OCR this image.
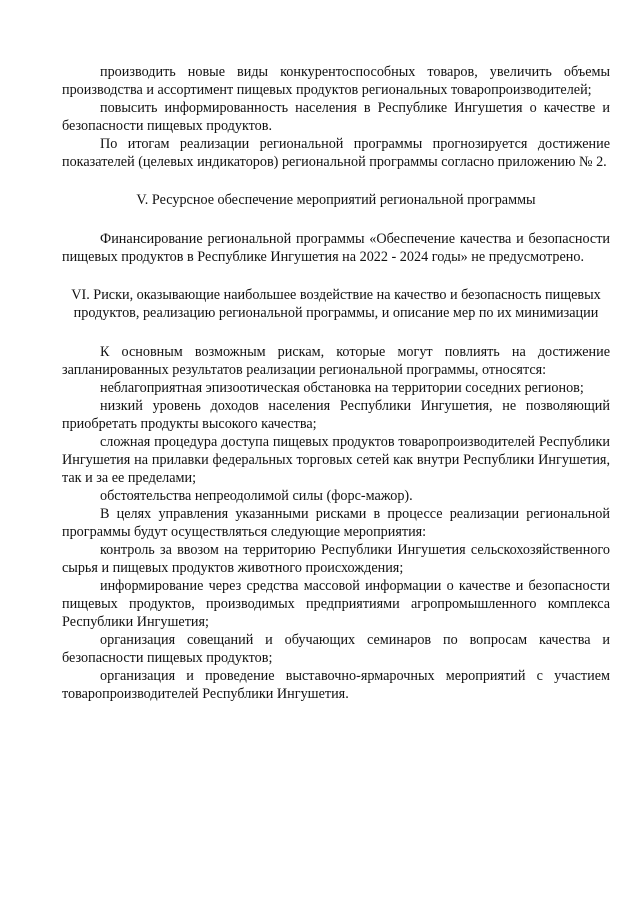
производить новые виды конкурентоспособных товаров, увеличить объемы производства и ассортимент пищевых продуктов региональных товаропроизводителей;

повысить информированность населения в Республике Ингушетия о качестве и безопасности пищевых продуктов.

По итогам реализации региональной программы прогнозируется достижение показателей (целевых индикаторов) региональной программы согласно приложению № 2.

V. Ресурсное обеспечение мероприятий региональной программы

Финансирование региональной программы «Обеспечение качества и безопасности пищевых продуктов в Республике Ингушетия на 2022 - 2024 годы» не предусмотрено.

VI. Риски, оказывающие наибольшее воздействие на качество и безопасность пищевых продуктов, реализацию региональной программы, и описание мер по их минимизации

К основным возможным рискам, которые могут повлиять на достижение запланированных результатов реализации региональной программы, относятся:

неблагоприятная эпизоотическая обстановка на территории соседних регионов;

низкий уровень доходов населения Республики Ингушетия, не позволяющий приобретать продукты высокого качества;

сложная процедура доступа пищевых продуктов товаропроизводителей Республики Ингушетия на прилавки федеральных торговых сетей как внутри Республики Ингушетия, так и за ее пределами;

обстоятельства непреодолимой силы (форс-мажор).

В целях управления указанными рисками в процессе реализации региональной программы будут осуществляться следующие мероприятия:

контроль за ввозом на территорию Республики Ингушетия сельскохозяйственного сырья и пищевых продуктов животного происхождения;

информирование через средства массовой информации о качестве и безопасности пищевых продуктов, производимых предприятиями агропромышленного комплекса Республики Ингушетия;

организация совещаний и обучающих семинаров по вопросам качества и безопасности пищевых продуктов;

организация и проведение выставочно-ярмарочных мероприятий с участием товаропроизводителей Республики Ингушетия.
